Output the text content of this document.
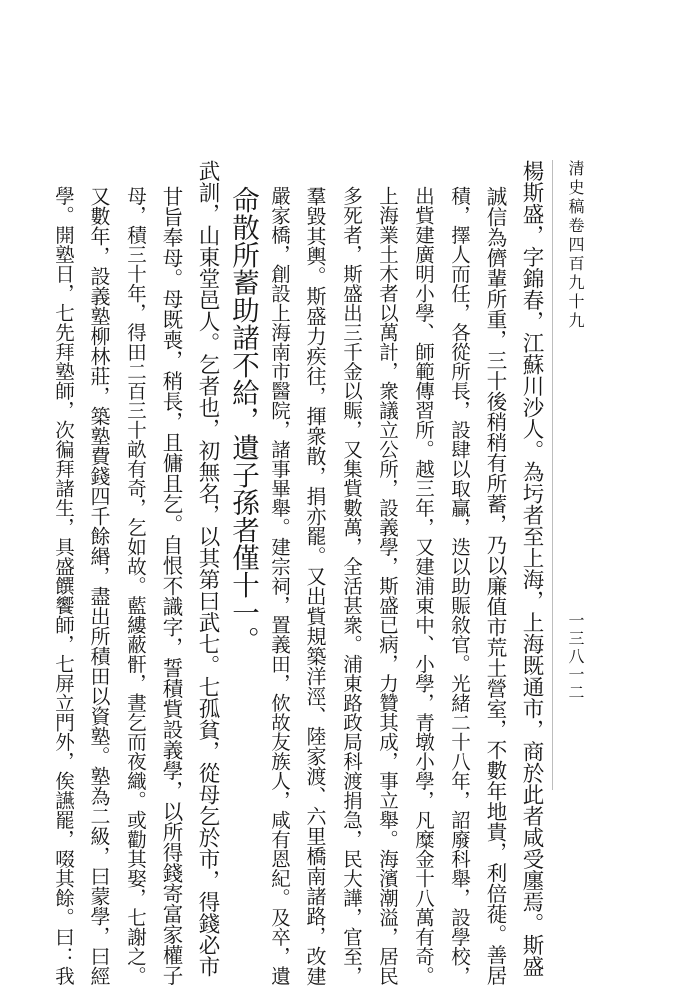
清史稿卷四百九十九
一三八一二
楊斯盛，字錦春，江蘇川沙人。為圬者至上海，上海既通市，商於此者咸受廛焉。斯盛
誠信為儕輩所重，三十後稍稍有所蓄，乃以廉值市荒土營室，不數年地貴，利倍蓰。善居
積，擇人而任，各從所長，設肆以取贏，迭以助賑敘官。光緒二十八年，詔廢科舉，設學校，
出貲建廣明小學、師範傳習所。越三年，又建浦東中、小學，青墩小學，凡糜金十八萬有奇。
上海業土木者以萬計，衆議立公所，設義學，斯盛已病，力贊其成，事立舉。海濱潮溢，居民
多死者，斯盛出三千金以賑，又集貲數萬，全活甚衆。浦東路政局科渡捐急，民大譁，官至，
羣毀其輿。斯盛力疾往，揮衆散，捐亦罷。又出貲規築洋涇、陸家渡、六里橋南諸路，改建
嚴家橋，創設上海南市醫院，諸事畢舉。建宗祠，置義田，佽故友族人，咸有恩紀。及卒，遺
命散所蓄助諸不給，遺子孫者僅十一。
武訓，山東堂邑人。乞者也，初無名，以其第曰武七。七孤貧，從母乞於市，得錢必市
甘旨奉母。母既喪，稍長，且傭且乞。自恨不識字，誓積貲設義學，以所得錢寄富家權子
母，積三十年，得田二百三十畝有奇，乞如故。藍縷蔽骭，晝乞而夜織。或勸其娶，七謝之。
又數年，設義塾柳林莊，築塾費錢四千餘緡，盡出所積田以資塾。塾為二級，曰蒙學，曰經
學。開塾日，七先拜塾師，次徧拜諸生，具盛饌饗師，七屏立門外，俟讌罷，啜其餘。曰：我
